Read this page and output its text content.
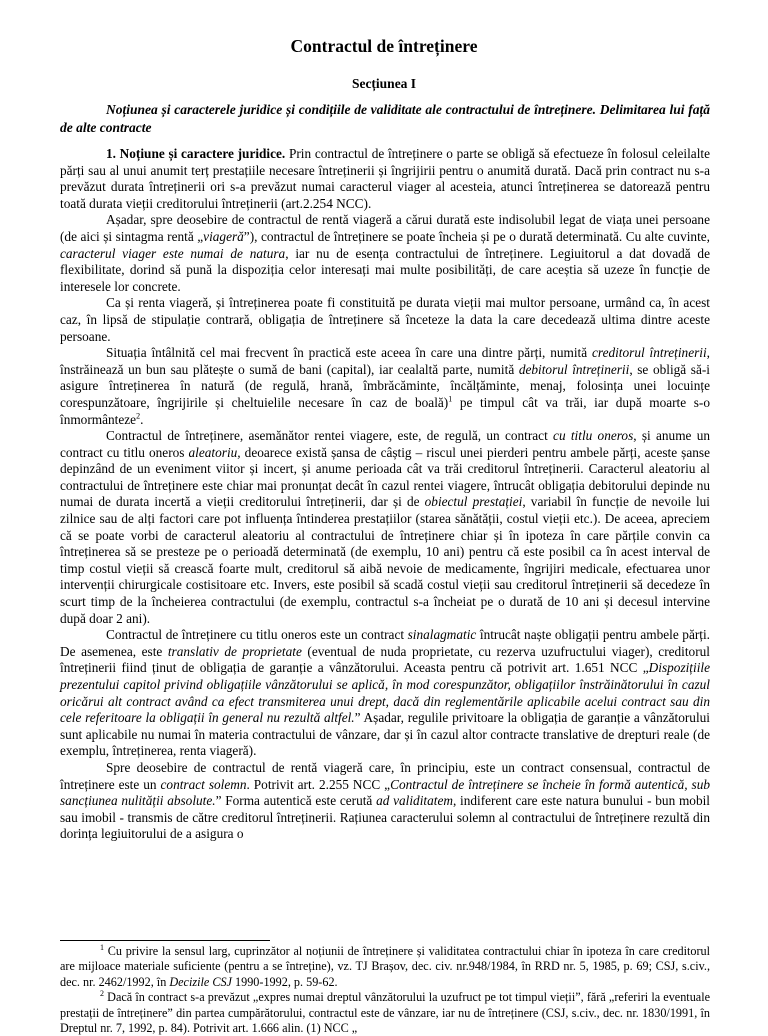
Contractul de întreținere
Secțiunea I
Noțiunea și caracterele juridice și condițiile de validitate ale contractului de întreținere. Delimitarea lui față de alte contracte

1. Noțiune și caractere juridice. Prin contractul de întreținere o parte se obligă să efectueze în folosul celeilalte părți sau al unui anumit terț prestațiile necesare întreținerii și îngrijirii pentru o anumită durată. Dacă prin contract nu s-a prevăzut durata întreținerii ori s-a prevăzut numai caracterul viager al acesteia, atunci întreținerea se datorează pentru toată durata vieții creditorului întreținerii (art.2.254 NCC).

Așadar, spre deosebire de contractul de rentă viageră a cărui durată este indisolubil legat de viața unei persoane (de aici și sintagma rentă „viageră”), contractul de întreținere se poate încheia și pe o durată determinată. Cu alte cuvinte, caracterul viager este numai de natura, iar nu de esența contractului de întreținere. Legiuitorul a dat dovadă de flexibilitate, dorind să pună la dispoziția celor interesați mai multe posibilități, de care aceștia să uzeze în funcție de interesele lor concrete.

Ca și renta viageră, și întreținerea poate fi constituită pe durata vieții mai multor persoane, urmând ca, în acest caz, în lipsă de stipulație contrară, obligația de întreținere să înceteze la data la care decedează ultima dintre aceste persoane.

Situația întâlnită cel mai frecvent în practică este aceea în care una dintre părți, numită creditorul întreținerii, înstrăinează un bun sau plătește o sumă de bani (capital), iar cealaltă parte, numită debitorul întreținerii, se obligă să-i asigure întreținerea în natură (de regulă, hrană, îmbrăcăminte, încălțăminte, menaj, folosința unei locuințe corespunzătoare, îngrijirile și cheltuielile necesare în caz de boală)$^1$ pe timpul cât va trăi, iar după moarte s-o înmormânteze$^2$.

Contractul de întreținere, asemănător rentei viagere, este, de regulă, un contract cu titlu oneros, și anume un contract cu titlu oneros aleatoriu, deoarece există șansa de câștig – riscul unei pierderi pentru ambele părți, aceste șanse depinzând de un eveniment viitor și incert, și anume perioada cât va trăi creditorul întreținerii. Caracterul aleatoriu al contractului de întreținere este chiar mai pronunțat decât în cazul rentei viagere, întrucât obligația debitorului depinde nu numai de durata incertă a vieții creditorului întreținerii, dar și de obiectul prestației, variabil în funcție de nevoile lui zilnice sau de alți factori care pot influența întinderea prestațiilor (starea sănătății, costul vieții etc.). De aceea, apreciem că se poate vorbi de caracterul aleatoriu al contractului de întreținere chiar și în ipoteza în care părțile convin ca întreținerea să se presteze pe o perioadă determinată (de exemplu, 10 ani) pentru că este posibil ca în acest interval de timp costul vieții să crească foarte mult, creditorul să aibă nevoie de medicamente, îngrijiri medicale, efectuarea unor intervenții chirurgicale costisitoare etc. Invers, este posibil să scadă costul vieții sau creditorul întreținerii să decedeze în scurt timp de la încheierea contractului (de exemplu, contractul s-a încheiat pe o durată de 10 ani și decesul intervine după doar 2 ani).

Contractul de întreținere cu titlu oneros este un contract sinalagmatic întrucât naște obligații pentru ambele părți. De asemenea, este translativ de proprietate (eventual de nuda proprietate, cu rezerva uzufructului viager), creditorul întreținerii fiind ținut de obligația de garanție a vânzătorului. Aceasta pentru că potrivit art. 1.651 NCC „Dispozițiile prezentului capitol privind obligațiile vânzătorului se aplică, în mod corespunzător, obligațiilor înstrăinătorului în cazul oricărui alt contract având ca efect transmiterea unui drept, dacă din reglementările aplicabile acelui contract sau din cele referitoare la obligații în general nu rezultă altfel.” Așadar, regulile privitoare la obligația de garanție a vânzătorului sunt aplicabile nu numai în materia contractului de vânzare, dar și în cazul altor contracte translative de drepturi reale (de exemplu, întreținerea, renta viageră).

Spre deosebire de contractul de rentă viageră care, în principiu, este un contract consensual, contractul de întreținere este un contract solemn. Potrivit art. 2.255 NCC „Contractul de întreținere se încheie în formă autentică, sub sancțiunea nulității absolute.” Forma autentică este cerută ad validitatem, indiferent care este natura bunului - bun mobil sau imobil - transmis de către creditorul întreținerii. Rațiunea caracterului solemn al contractului de întreținere rezultă din dorința legiuitorului de a asigura o

$^1$ Cu privire la sensul larg, cuprinzător al noțiunii de întreținere și validitatea contractului chiar în ipoteza în care creditorul are mijloace materiale suficiente (pentru a se întreține), vz. TJ Brașov, dec. civ. nr.948/1984, în RRD nr. 5, 1985, p. 69; CSJ, s.civ., dec. nr. 2462/1992, în Decizile CSJ 1990-1992, p. 59-62.

$^2$ Dacă în contract s-a prevăzut „expres numai dreptul vânzătorului la uzufruct pe tot timpul vieții”, fără „referiri la eventuale prestații de întreținere” din partea cumpărătorului, contractul este de vânzare, iar nu de întreținere (CSJ, s.civ., dec. nr. 1830/1991, în Dreptul nr. 7, 1992, p. 84). Potrivit art. 1.666 alin. (1) NCC „
